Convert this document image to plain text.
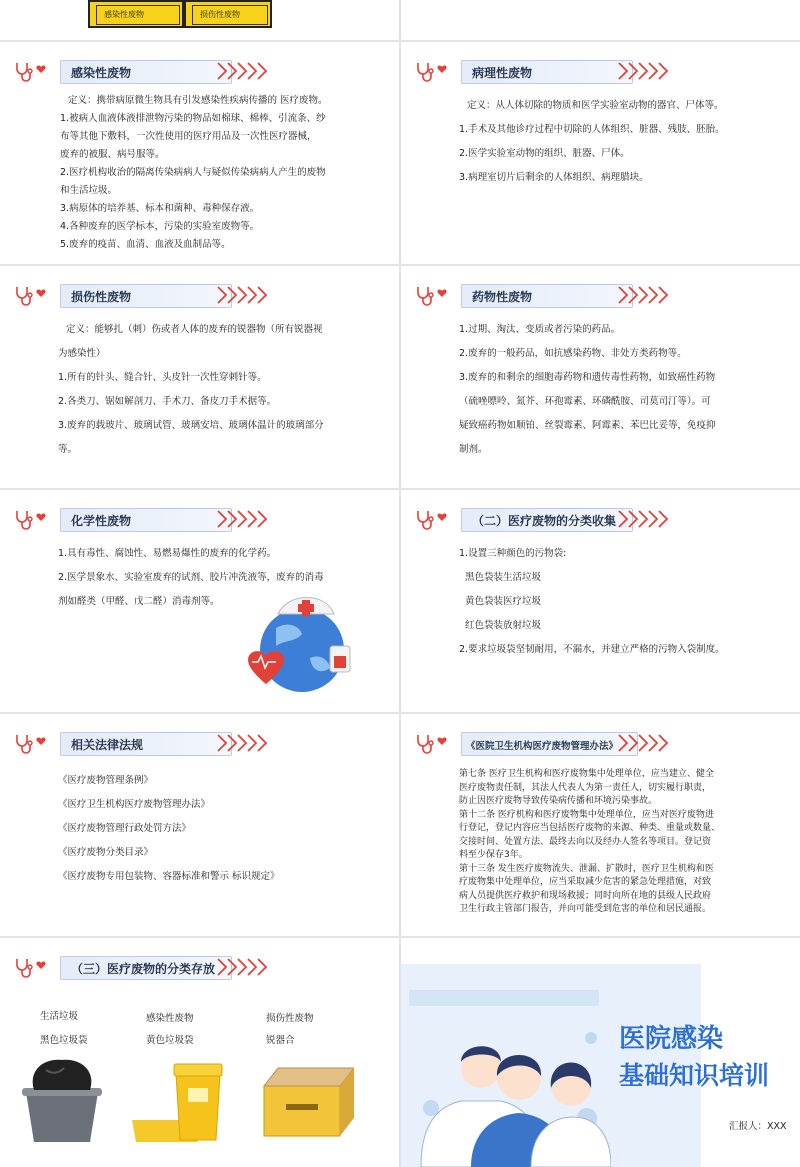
感染性废物	损伤性废物
感染性废物

定义：携带病原微生物具有引发感染性疾病传播的 医疗废物。

1.被病人血液体液排泄物污染的物品如棉球、棉棒、引流条、纱

布等其他下敷料，一次性使用的医疗用品及一次性医疗器械，

废弃的被服、病号服等。

2.医疗机构收治的隔离传染病病人与疑似传染病病人产生的废物

和生活垃圾。

3.病原体的培养基、标本和菌种、毒种保存液。

4.各种废弃的医学标本，污染的实验室废物等。

5.废弃的疫苗、血清、血液及血制品等。

病理性废物

定义：从人体切除的物质和医学实验室动物的器官、尸体等。

1.手术及其他诊疗过程中切除的人体组织、脏器、残肢、胚胎。

2.医学实验室动物的组织、脏器、尸体。

3.病理室切片后剩余的人体组织、病理腊块。

损伤性废物

定义：能够扎（刺）伤或者人体的废弃的锐器物（所有锐器视

为感染性）

1.所有的针头、缝合针、头皮针一次性穿刺针等。

2.各类刀、锯如解剖刀、手术刀、备皮刀手术据等。

3.废弃的载玻片、玻璃试管、玻璃安培、玻璃体温计的玻璃部分

等。

药物性废物

1.过期、淘汰、变质或者污染的药品。

2.废弃的一般药品，如抗感染药物、非处方类药物等。

3.废弃的和剩余的细胞毒药物和遗传毒性药物，如致癌性药物

（硫唑嘌呤、氮芥、环孢霉素、环磷酰胺、司莫司汀等）。可

疑致癌药物如顺铂、丝裂霉素、阿霉素、苯巴比妥等，免疫抑

制剂。

化学性废物

1.具有毒性、腐蚀性、易燃易爆性的废弃的化学药。

2.医学景象水、实验室废弃的试剂、胶片冲洗液等，废弃的消毒

剂如醛类（甲醛、戊二醛）消毒剂等。

（二）医疗废物的分类收集

1.设置三种颜色的污物袋:

黑色袋装生活垃圾

黄色袋装医疗垃圾

红色袋装放射垃圾

2.要求垃圾袋坚韧耐用，不漏水，并建立严格的污物入袋制度。

相关法律法规

《医疗废物管理条例》

《医疗卫生机构医疗废物管理办法》

《医疗废物管理行政处罚方法》

《医疗废物分类目录》

《医疗废物专用包装物、容器标准和警示 标识规定》

《医院卫生机构医疗废物管理办法》

第七条 医疗卫生机构和医疗废物集中处理单位，应当建立、健全

医疗废物责任制，其法人代表人为第一责任人，切实履行职责，

防止因医疗废物导致传染病传播和环境污染事故。

第十二条 医疗机构和医疗废物集中处理单位，应当对医疗废物进

行登记，登记内容应当包括医疗废物的来源、种类、重量或数量、

交接时间、处置方法、最终去向以及经办人签名等项目。登记资

料至少保存3年。

第十三条 发生医疗废物流失、泄漏、扩散时，医疗卫生机构和医

疗废物集中处理单位，应当采取减少危害的紧急处理措施，对致

病人员提供医疗救护和现场救援；同时向所在地的县级人民政府

卫生行政主管部门报告，并向可能受到危害的单位和居民通报。

（三）医疗废物的分类存放
生活垃圾
黑色垃圾袋
感染性废物
黄色垃圾袋
损伤性废物
锐器合	医院感染
基础知识培训
汇报人：XXX
